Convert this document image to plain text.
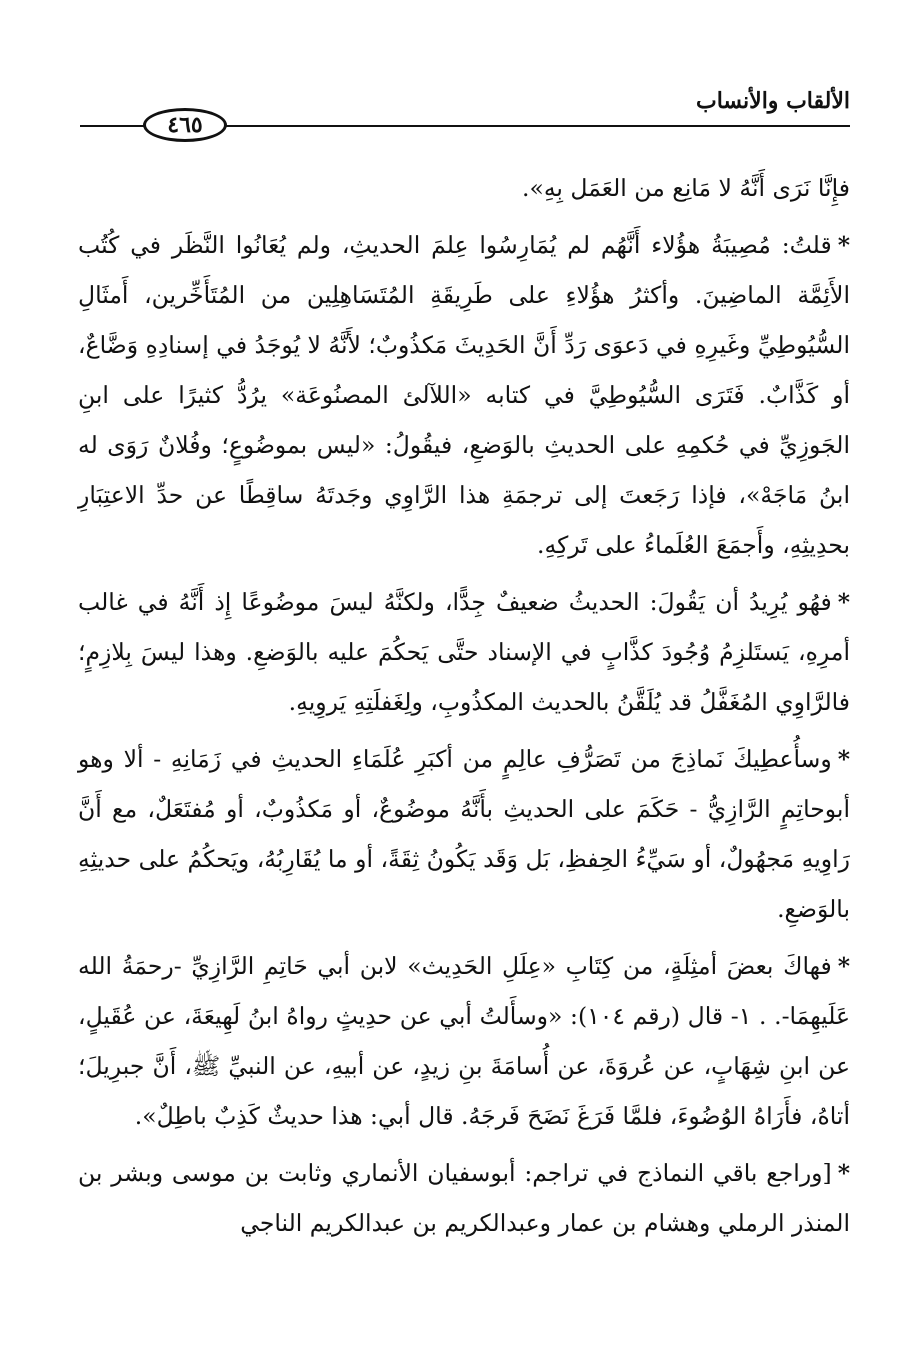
الألقاب والأنساب
٤٦٥

فإِنَّا نَرَى أَنَّهُ لا مَانِع من العَمَل بِهِ».

*قلتُ: مُصِيبَةُ هؤُلاء أَنَّهُم لم يُمَارِسُوا عِلمَ الحديثِ، ولم يُعَانُوا النَّظَر في كُتُب الأَئِمَّة الماضِينَ. وأكثرُ هؤُلاءِ على طَرِيقَةِ المُتَسَاهِلِين من المُتَأَخِّرين، أَمثَالِ السُّيُوطِيِّ وغَيرِهِ في دَعوَى رَدِّ أَنَّ الحَدِيثَ مَكذُوبٌ؛ لأَنَّهُ لا يُوجَدُ في إسنادِهِ وَضَّاعٌ، أو كَذَّابٌ. فَتَرَى السُّيُوطِيَّ في كتابه «اللآلئ المصنُوعَة» يرُدُّ كثيرًا على ابنِ الجَوزِيِّ في حُكمِهِ على الحديثِ بالوَضعِ، فيقُولُ: «ليس بموضُوعٍ؛ وفُلانٌ رَوَى له ابنُ مَاجَهْ»، فإذا رَجَعتَ إلى ترجمَةِ هذا الرَّاوِي وجَدتَهُ ساقِطًا عن حدِّ الاعتِبَارِ بحدِيثِهِ، وأَجمَعَ العُلَماءُ على تَركِهِ.

*فهُو يُرِيدُ أن يَقُولَ: الحديثُ ضعيفٌ جِدًّا، ولكنَّهُ ليسَ موضُوعًا إِذ أَنَّهُ في غالب أمرِهِ، يَستَلزِمُ وُجُودَ كذَّابٍ في الإسناد حتَّى يَحكُمَ عليه بالوَضعِ. وهذا ليسَ بِلازِمٍ؛ فالرَّاوِي المُغَفَّلُ قد يُلَقَّنُ بالحديث المكذُوبِ، ولِغَفلَتِهِ يَروِيهِ.

*وسأُعطِيكَ نَماذِجَ من تَصَرُّفِ عالِمٍ من أكبَرِ عُلَمَاءِ الحديثِ في زَمَانِهِ - ألا وهو أبوحاتِمٍ الرَّازِيُّ - حَكَمَ على الحديثِ بأَنَّهُ موضُوعٌ، أو مَكذُوبٌ، أو مُفتَعَلٌ، مع أَنَّ رَاوِيهِ مَجهُولٌ، أو سَيِّءُ الحِفظِ، بَل وَقَد يَكُونُ ثِقَةً، أو ما يُقَارِبُهُ، ويَحكُمُ على حديثِهِ بالوَضعِ.

*فهاكَ بعضَ أمثِلَةٍ، من كِتَابِ «عِلَلِ الحَدِيث» لابن أبي حَاتِمِ الرَّازِيِّ -رحمَةُ الله عَلَيهِمَا-. . ١- قال (رقم ١٠٤): «وسأَلتُ أبي عن حدِيثٍ رواهُ ابنُ لَهِيعَةَ، عن عُقَيلٍ، عن ابنِ شِهَابٍ، عن عُروَةَ، عن أُسامَةَ بنِ زيدٍ، عن أبيهِ، عن النبيِّ ﷺ، أَنَّ جبرِيلَ؛ أتاهُ، فأَرَاهُ الوُضُوءَ، فلمَّا فَرَغَ نَضَحَ فَرجَهُ. قال أبي: هذا حديثٌ كَذِبٌ باطِلٌ».

*[وراجع باقي النماذج في تراجم: أبوسفيان الأنماري وثابت بن موسى وبشر بن المنذر الرملي وهشام بن عمار وعبدالكريم بن عبدالكريم الناجي
